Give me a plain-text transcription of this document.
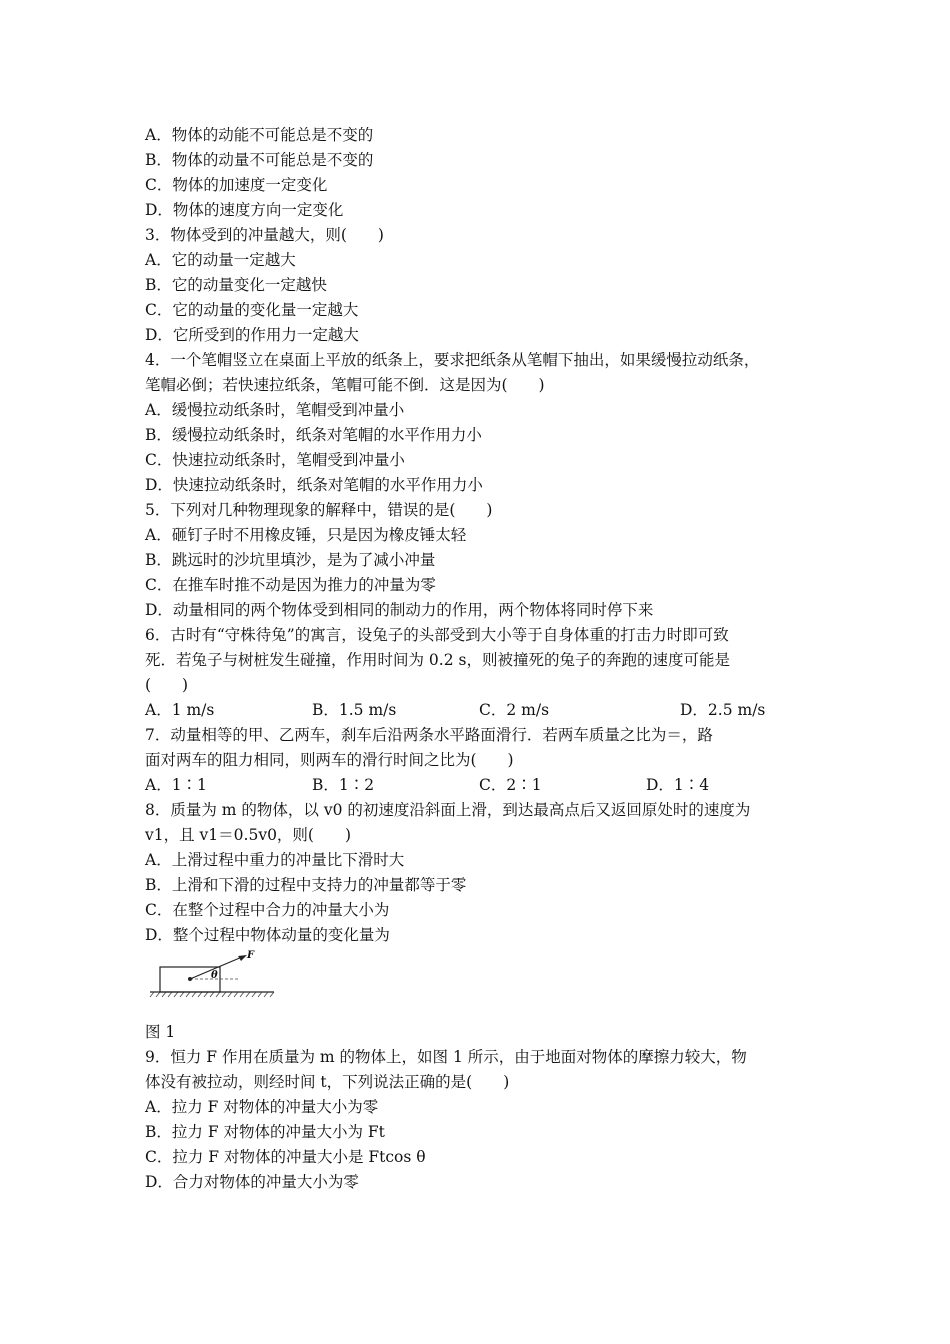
A．物体的动能不可能总是不变的
B．物体的动量不可能总是不变的
C．物体的加速度一定变化
D．物体的速度方向一定变化
3．物体受到的冲量越大，则(　　)
A．它的动量一定越大
B．它的动量变化一定越快
C．它的动量的变化量一定越大
D．它所受到的作用力一定越大
4．一个笔帽竖立在桌面上平放的纸条上，要求把纸条从笔帽下抽出，如果缓慢拉动纸条，
笔帽必倒；若快速拉纸条，笔帽可能不倒．这是因为(　　)
A．缓慢拉动纸条时，笔帽受到冲量小
B．缓慢拉动纸条时，纸条对笔帽的水平作用力小
C．快速拉动纸条时，笔帽受到冲量小
D．快速拉动纸条时，纸条对笔帽的水平作用力小
5．下列对几种物理现象的解释中，错误的是(　　)
A．砸钉子时不用橡皮锤，只是因为橡皮锤太轻
B．跳远时的沙坑里填沙，是为了减小冲量
C．在推车时推不动是因为推力的冲量为零
D．动量相同的两个物体受到相同的制动力的作用，两个物体将同时停下来
6．古时有“守株待兔”的寓言，设兔子的头部受到大小等于自身体重的打击力时即可致
死．若兔子与树桩发生碰撞，作用时间为 0.2 s，则被撞死的兔子的奔跑的速度可能是
(　　)
A．1 m/s	B．1.5 m/s	C．2 m/s	D．2.5 m/s
7．动量相等的甲、乙两车，刹车后沿两条水平路面滑行．若两车质量之比为＝，路
面对两车的阻力相同，则两车的滑行时间之比为(　　)
A．1∶1	B．1∶2	C．2∶1	D．1∶4
8．质量为 m 的物体，以 v0 的初速度沿斜面上滑，到达最高点后又返回原处时的速度为
v1，且 v1＝0.5v0，则(　　)
A．上滑过程中重力的冲量比下滑时大
B．上滑和下滑的过程中支持力的冲量都等于零
C．在整个过程中合力的冲量大小为
D．整个过程中物体动量的变化量为
F
θ
图 1
9．恒力 F 作用在质量为 m 的物体上，如图 1 所示，由于地面对物体的摩擦力较大，物
体没有被拉动，则经时间 t，下列说法正确的是(　　)
A．拉力 F 对物体的冲量大小为零
B．拉力 F 对物体的冲量大小为 Ft
C．拉力 F 对物体的冲量大小是 Ftcos θ
D．合力对物体的冲量大小为零
